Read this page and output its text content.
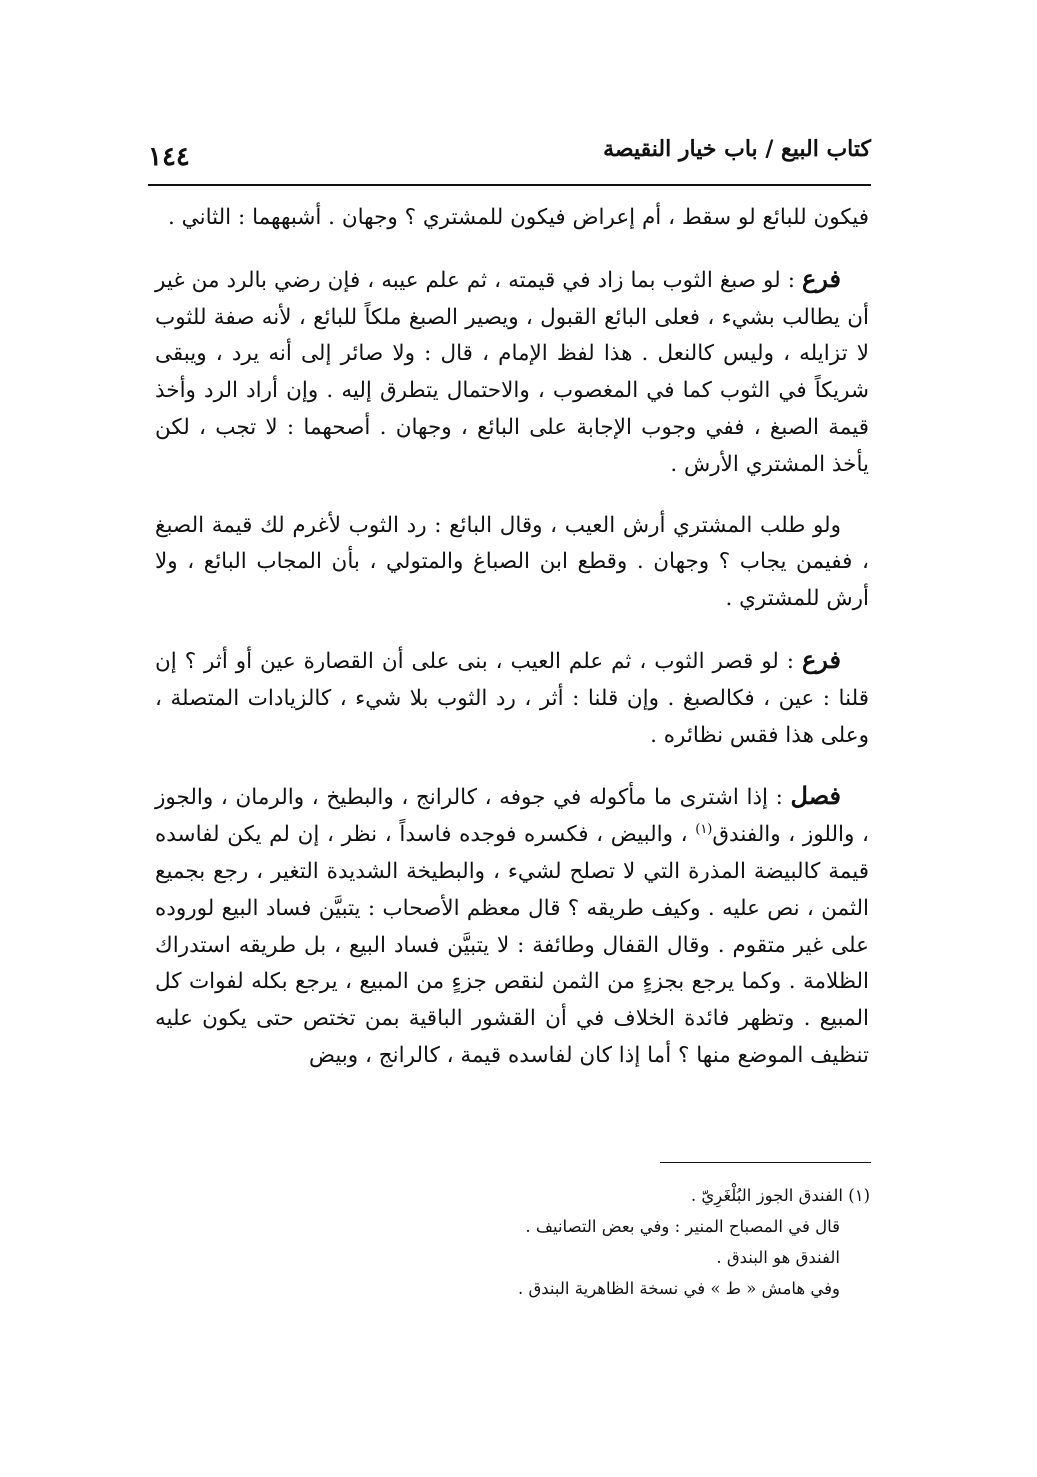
كتاب البيع / باب خيار النقيصة
١٤٤

فيكون للبائع لو سقط ، أم إعراض فيكون للمشتري ؟ وجهان . أشبههما : الثاني .

فرع : لو صبغ الثوب بما زاد في قيمته ، ثم علم عيبه ، فإن رضي بالرد من غير أن يطالب بشيء ، فعلى البائع القبول ، ويصير الصبغ ملكاً للبائع ، لأنه صفة للثوب لا تزايله ، وليس كالنعل . هذا لفظ الإمام ، قال : ولا صائر إلى أنه يرد ، ويبقى شريكاً في الثوب كما في المغصوب ، والاحتمال يتطرق إليه . وإن أراد الرد وأخذ قيمة الصبغ ، ففي وجوب الإجابة على البائع ، وجهان . أصحهما : لا تجب ، لكن يأخذ المشتري الأرش .

ولو طلب المشتري أرش العيب ، وقال البائع : رد الثوب لأغرم لك قيمة الصبغ ، ففيمن يجاب ؟ وجهان . وقطع ابن الصباغ والمتولي ، بأن المجاب البائع ، ولا أرش للمشتري .

فرع : لو قصر الثوب ، ثم علم العيب ، بنى على أن القصارة عين أو أثر ؟ إن قلنا : عين ، فكالصبغ . وإن قلنا : أثر ، رد الثوب بلا شيء ، كالزيادات المتصلة ، وعلى هذا فقس نظائره .

فصل : إذا اشترى ما مأكوله في جوفه ، كالرانج ، والبطيخ ، والرمان ، والجوز ، واللوز ، والفندق$^{(١)}$ ، والبيض ، فكسره فوجده فاسداً ، نظر ، إن لم يكن لفاسده قيمة كالبيضة المذرة التي لا تصلح لشيء ، والبطيخة الشديدة التغير ، رجع بجميع الثمن ، نص عليه . وكيف طريقه ؟ قال معظم الأصحاب : يتبيَّن فساد البيع لوروده على غير متقوم . وقال القفال وطائفة : لا يتبيَّن فساد البيع ، بل طريقه استدراك الظلامة . وكما يرجع بجزءٍ من الثمن لنقص جزءٍ من المبيع ، يرجع بكله لفوات كل المبيع . وتظهر فائدة الخلاف في أن القشور الباقية بمن تختص حتى يكون عليه تنظيف الموضع منها ؟ أما إذا كان لفاسده قيمة ، كالرانج ، وبيض

(١) الفندق الجوز البُلْغَرِيّ .
قال في المصباح المنير : وفي بعض التصانيف .
الفندق هو البندق .
وفي هامش « ط » في نسخة الظاهرية البندق .
